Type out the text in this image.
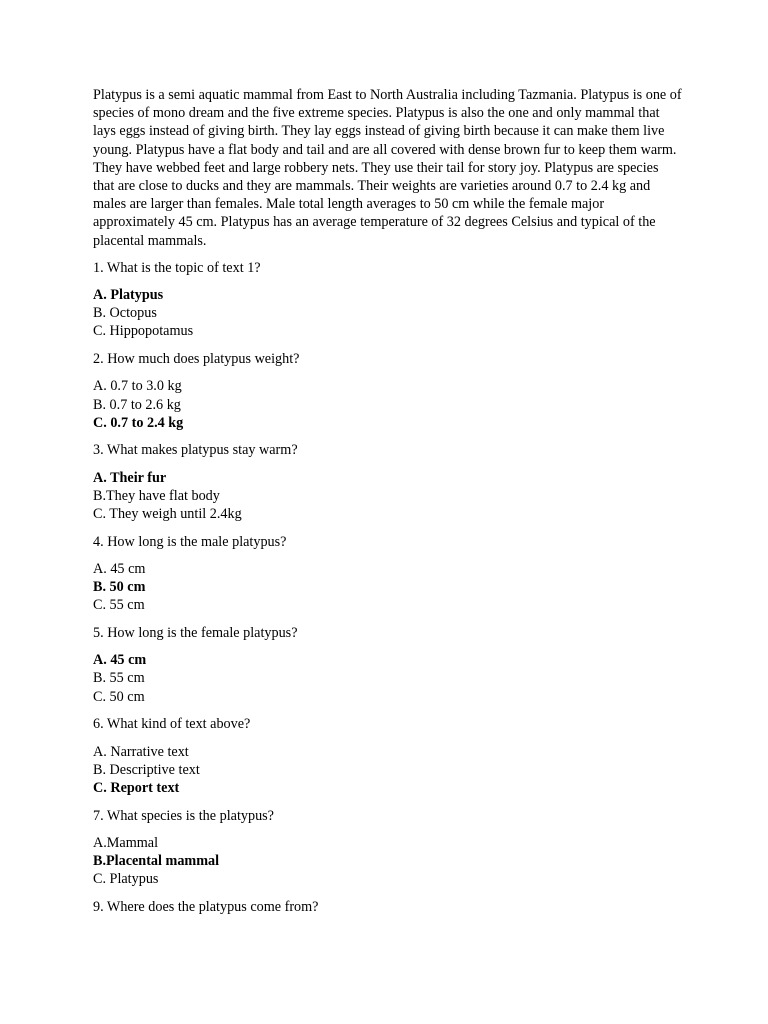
Platypus is a semi aquatic mammal from East to North Australia including Tazmania. Platypus is one of species of mono dream and the five extreme species. Platypus is also the one and only mammal that lays eggs instead of giving birth. They lay eggs instead of giving birth because it can make them live young. Platypus have a flat body and tail and are all covered with dense brown fur to keep them warm. They have webbed feet and large robbery nets. They use their tail for story joy. Platypus are species that are close to ducks and they are mammals. Their weights are varieties around 0.7 to 2.4 kg and males are larger than females. Male total length averages to 50 cm while the female major approximately 45 cm. Platypus has an average temperature of 32 degrees Celsius and typical of the placental mammals.

1. What is the topic of text 1?

A. Platypus
B. Octopus
C. Hippopotamus

2. How much does platypus weight?

A. 0.7 to 3.0 kg
B. 0.7 to 2.6 kg
C. 0.7 to 2.4 kg

3. What makes platypus stay warm?

A. Their fur
B.They have flat body
C. They weigh until 2.4kg

4. How long is the male platypus?

A. 45 cm
B. 50 cm
C. 55 cm

5. How long is the female platypus?

A. 45 cm
B. 55 cm
C. 50 cm

6. What kind of text above?

A. Narrative text
B. Descriptive text
C. Report text

7. What species is the platypus?

A.Mammal
B.Placental mammal
C. Platypus

9. Where does the platypus come from?
